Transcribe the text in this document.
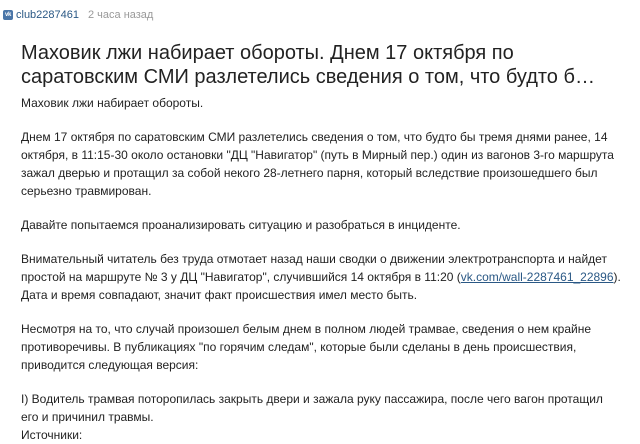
vk club2287461 2 часа назад
Маховик лжи набирает обороты. Днем 17 октября по саратовским СМИ разлетелись сведения о том, что будто бы

Маховик лжи набирает обороты.

Днем 17 октября по саратовским СМИ разлетелись сведения о том, что будто бы тремя днями ранее, 14 октября, в 11:15-30 около остановки "ДЦ "Навигатор" (путь в Мирный пер.) один из вагонов 3-го маршрута зажал дверью и протащил за собой некого 28-летнего парня, который вследствие произошедшего был серьезно травмирован.

Давайте попытаемся проанализировать ситуацию и разобраться в инциденте.

Внимательный читатель без труда отмотает назад наши сводки о движении электротранспорта и найдет простой на маршруте № 3 у ДЦ "Навигатор", случившийся 14 октября в 11:20 (vk.com/wall-2287461_22896). Дата и время совпадают, значит факт происшествия имел место быть.

Несмотря на то, что случай произошел белым днем в полном людей трамвае, сведения о нем крайне противоречивы. В публикациях "по горячим следам", которые были сделаны в день происшествия, приводится следующая версия:

I) Водитель трамвая поторопилась закрыть двери и зажала руку пассажира, после чего вагон протащил его и причинил травмы.

Источники:
